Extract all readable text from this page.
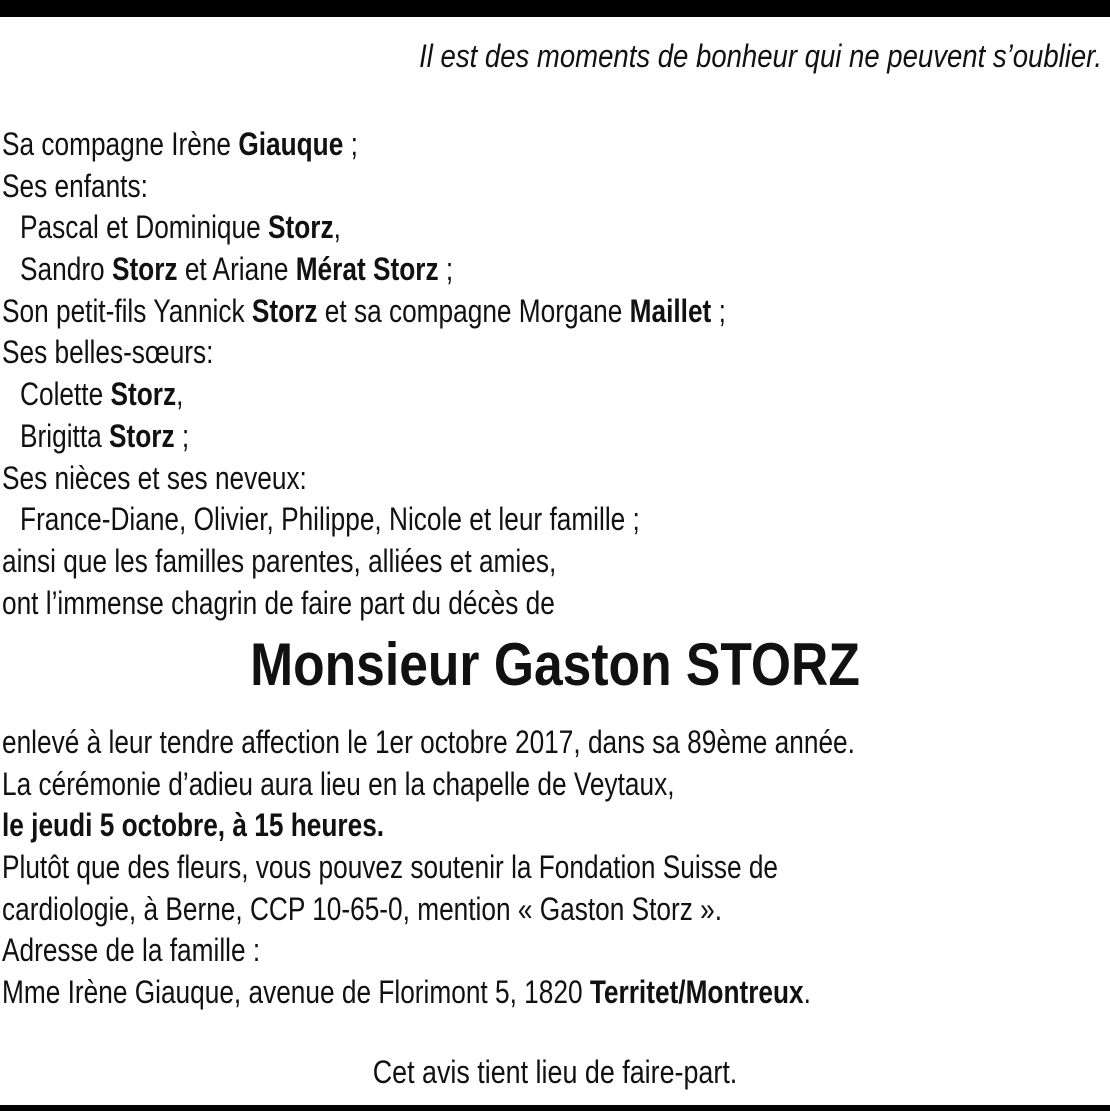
Il est des moments de bonheur qui ne peuvent s’oublier.
Sa compagne Irène Giauque ;
Ses enfants:
Pascal et Dominique Storz,
Sandro Storz et Ariane Mérat Storz ;
Son petit-fils Yannick Storz et sa compagne Morgane Maillet ;
Ses belles-sœurs:
Colette Storz,
Brigitta Storz ;
Ses nièces et ses neveux:
France-Diane, Olivier, Philippe, Nicole et leur famille ;
ainsi que les familles parentes, alliées et amies,
ont l’immense chagrin de faire part du décès de
Monsieur Gaston STORZ
enlevé à leur tendre affection le 1er octobre 2017, dans sa 89ème année.
La cérémonie d’adieu aura lieu en la chapelle de Veytaux,
le jeudi 5 octobre, à 15 heures.
Plutôt que des fleurs, vous pouvez soutenir la Fondation Suisse de
cardiologie, à Berne, CCP 10-65-0, mention « Gaston Storz ».
Adresse de la famille :
Mme Irène Giauque, avenue de Florimont 5, 1820 Territet/Montreux.
Cet avis tient lieu de faire-part.
